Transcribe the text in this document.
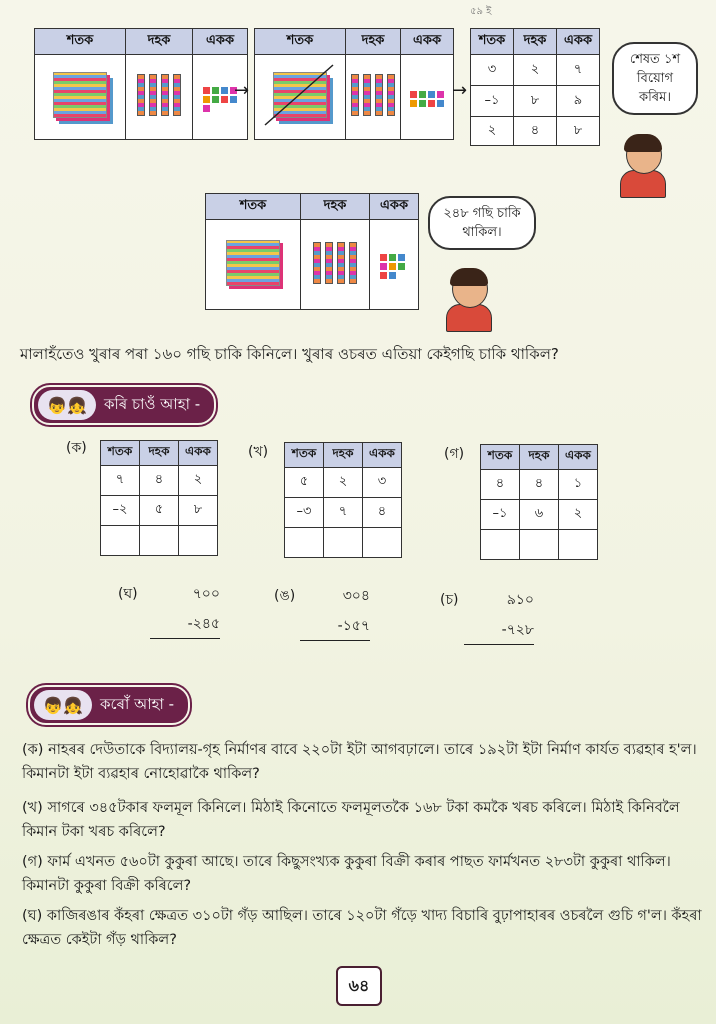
৫৯ ই
শতক	দহক	একক

→
শতক	দহক	একক

→
শতক	দহক	একক
৩	২	৭
–১	৮	৯
২	৪	৮
শেষত ১শ বিয়োগ কৰিম।
শতক	দহক	একক

২৪৮ গছি চাকি থাকিল।
মালাহঁতেও খুৰাৰ পৰা ১৬০ গছি চাকি কিনিলে। খুৰাৰ ওচৰত এতিয়া কেইগছি চাকি থাকিল?
👦👧	কৰি চাওঁ আহা -
(ক) শতক	দহক	একক
৭	৪	২
–২	৫	৮

(খ) শতক	দহক	একক
৫	২	৩
–৩	৭	৪

(গ) শতক	দহক	একক
৪	৪	১
–১	৬	২

(ঘ)	৭০০
-২৪৫
(ঙ)	৩০৪
-১৫৭
(চ)	৯১০
-৭২৮
👦👧	কৰোঁ আহা -
(ক) নাহৰৰ দেউতাকে বিদ্যালয়-গৃহ নিৰ্মাণৰ বাবে ২২০টা ইটা আগবঢ়ালে। তাৰে ১৯২টা ইটা নিৰ্মাণ কাৰ্যত ব্যৱহাৰ হ'ল। কিমানটা ইটা ব্যৱহাৰ নোহোৱাকৈ থাকিল?
(খ) সাগৰে ৩৪৫টকাৰ ফলমূল কিনিলে। মিঠাই কিনোতে ফলমূলতকৈ ১৬৮ টকা কমকৈ খৰচ কৰিলে। মিঠাই কিনিবলৈ কিমান টকা খৰচ কৰিলে?
(গ) ফাৰ্ম এখনত ৫৬০টা কুকুৰা আছে। তাৰে কিছুসংখ্যক কুকুৰা বিক্ৰী কৰাৰ পাছত ফাৰ্মখনত ২৮৩টা কুকুৰা থাকিল। কিমানটা কুকুৰা বিক্ৰী কৰিলে?
(ঘ) কাজিৰঙাৰ কঁহৰা ক্ষেত্ৰত ৩১০টা গঁড় আছিল। তাৰে ১২০টা গঁড়ে খাদ্য বিচাৰি বুঢ়াপাহাৰৰ ওচৰলৈ গুচি গ'ল। কঁহৰা ক্ষেত্ৰত কেইটা গঁড় থাকিল?
৬৪
